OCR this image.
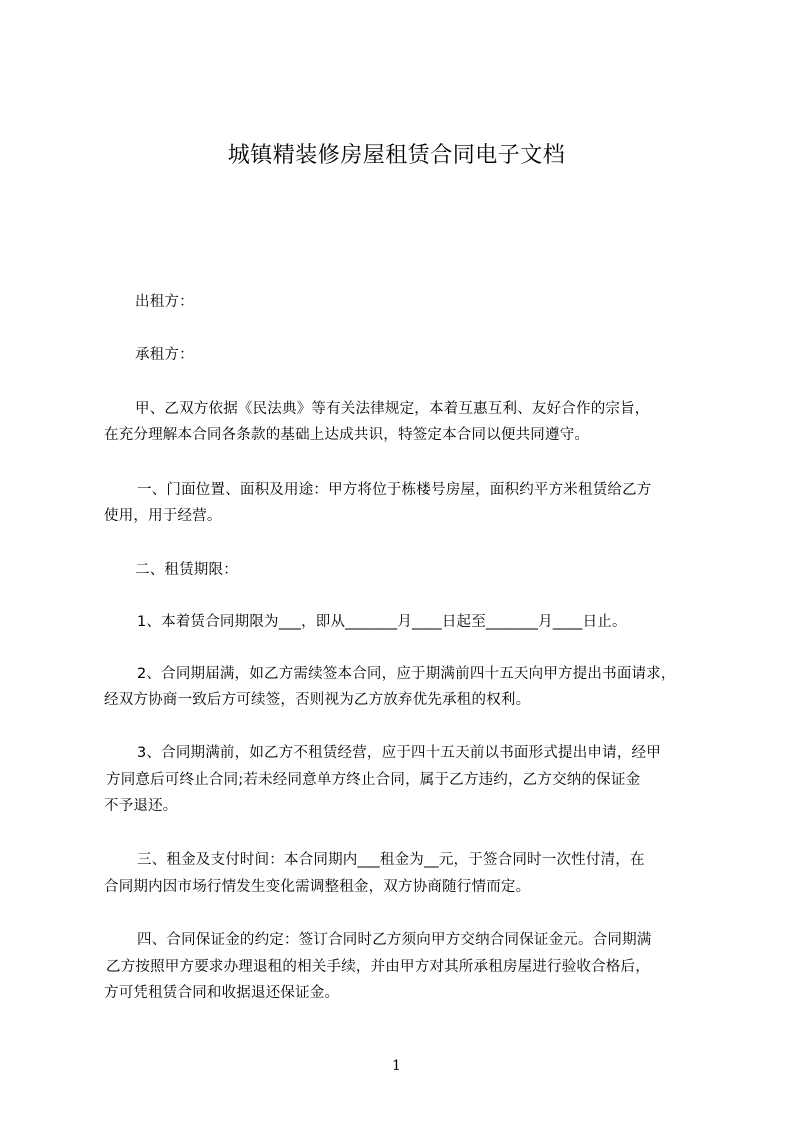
城镇精装修房屋租赁合同电子文档
出租方：
承租方：
甲、乙双方依据《民法典》等有关法律规定，本着互惠互利、友好合作的宗旨，
在充分理解本合同各条款的基础上达成共识，特签定本合同以便共同遵守。
一、门面位置、面积及用途：甲方将位于栋楼号房屋，面积约平方米租赁给乙方
使用，用于经营。
二、租赁期限：
1、本着赁合同期限为___，即从_______月____日起至_______月____日止。
2、合同期届满，如乙方需续签本合同，应于期满前四十五天向甲方提出书面请求，
经双方协商一致后方可续签，否则视为乙方放弃优先承租的权利。
3、合同期满前，如乙方不租赁经营，应于四十五天前以书面形式提出申请，经甲
方同意后可终止合同;若未经同意单方终止合同，属于乙方违约，乙方交纳的保证金
不予退还。
三、租金及支付时间：本合同期内___租金为__元，于签合同时一次性付清，在
合同期内因市场行情发生变化需调整租金，双方协商随行情而定。
四、合同保证金的约定：签订合同时乙方须向甲方交纳合同保证金元。合同期满
乙方按照甲方要求办理退租的相关手续，并由甲方对其所承租房屋进行验收合格后，
方可凭租赁合同和收据退还保证金。
1
